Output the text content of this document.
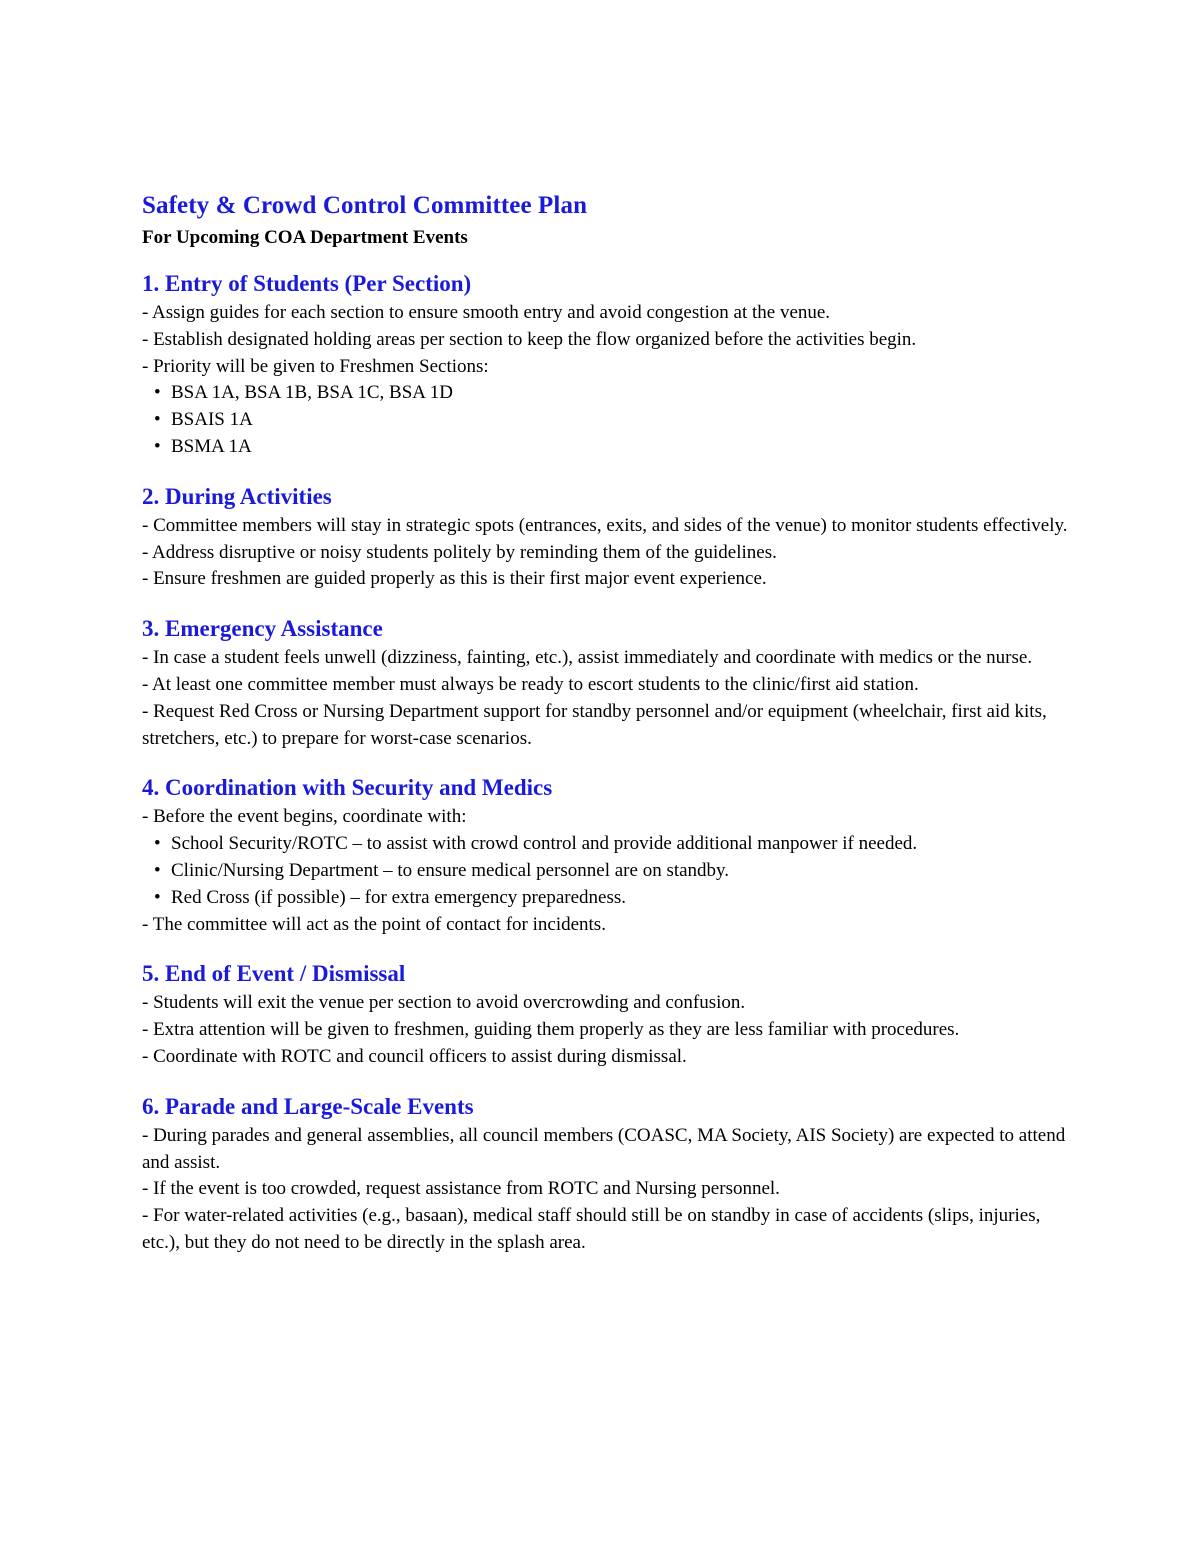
Safety & Crowd Control Committee Plan

For Upcoming COA Department Events

1. Entry of Students (Per Section)

- Assign guides for each section to ensure smooth entry and avoid congestion at the venue.

- Establish designated holding areas per section to keep the flow organized before the activities begin.

- Priority will be given to Freshmen Sections:

• BSA 1A, BSA 1B, BSA 1C, BSA 1D

• BSAIS 1A

• BSMA 1A

2. During Activities

- Committee members will stay in strategic spots (entrances, exits, and sides of the venue) to monitor students effectively.

- Address disruptive or noisy students politely by reminding them of the guidelines.

- Ensure freshmen are guided properly as this is their first major event experience.

3. Emergency Assistance

- In case a student feels unwell (dizziness, fainting, etc.), assist immediately and coordinate with medics or the nurse.

- At least one committee member must always be ready to escort students to the clinic/first aid station.

- Request Red Cross or Nursing Department support for standby personnel and/or equipment (wheelchair, first aid kits, stretchers, etc.) to prepare for worst-case scenarios.

4. Coordination with Security and Medics

- Before the event begins, coordinate with:

• School Security/ROTC – to assist with crowd control and provide additional manpower if needed.

• Clinic/Nursing Department – to ensure medical personnel are on standby.

• Red Cross (if possible) – for extra emergency preparedness.

- The committee will act as the point of contact for incidents.

5. End of Event / Dismissal

- Students will exit the venue per section to avoid overcrowding and confusion.

- Extra attention will be given to freshmen, guiding them properly as they are less familiar with procedures.

- Coordinate with ROTC and council officers to assist during dismissal.

6. Parade and Large-Scale Events

- During parades and general assemblies, all council members (COASC, MA Society, AIS Society) are expected to attend and assist.

- If the event is too crowded, request assistance from ROTC and Nursing personnel.

- For water-related activities (e.g., basaan), medical staff should still be on standby in case of accidents (slips, injuries, etc.), but they do not need to be directly in the splash area.
